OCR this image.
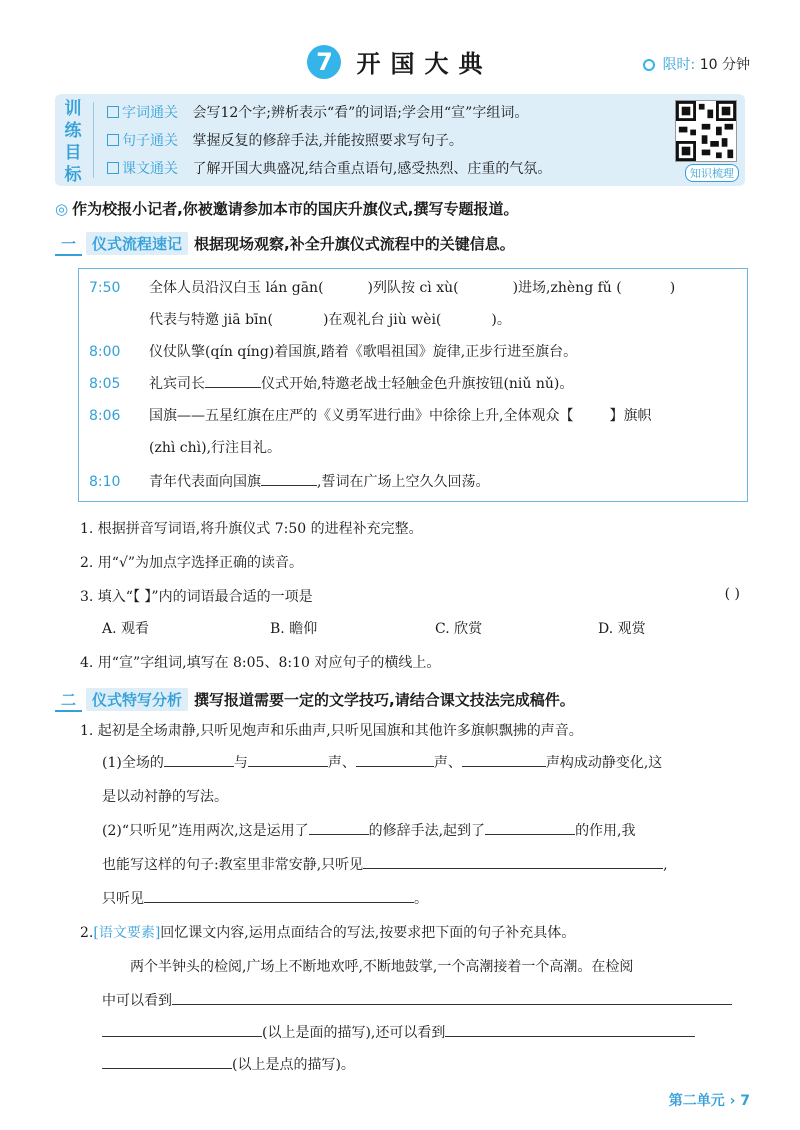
7 开国大典	限时: 10 分钟
训练目标
字词通关 会写12个字;辨析表示“看”的词语;学会用“宣”字组词。
句子通关 掌握反复的修辞手法,并能按照要求写句子。
课文通关 了解开国大典盛况,结合重点语句,感受热烈、庄重的气氛。	知识梳理
◎ 作为校报小记者,你被邀请参加本市的国庆升旗仪式,撰写专题报道。
一 仪式流程速记 根据现场观察,补全升旗仪式流程中的关键信息。
7:50 全体人员沿汉白玉 lán gān(	)列队按 cì xù(	)进场,zhèng fǔ (	)
代表与特邀 jiā bīn(	)在观礼台 jiù wèi(	)。
8:00 仪仗队擎(qín qíng)着国旗,踏着《歌唱祖国》旋律,正步行进至旗台。
8:05 礼宾司长	仪式开始,特邀老战士轻触金色升旗按钮(niǔ nǔ)。
8:06 国旗——五星红旗在庄严的《义勇军进行曲》中徐徐上升,全体观众【	】旗帜
(zhì chì),行注目礼。
8:10 青年代表面向国旗	,誓词在广场上空久久回荡。
1. 根据拼音写词语,将升旗仪式 7:50 的进程补充完整。
2. 用“√”为加点字选择正确的读音。
3. 填入“【 】”内的词语最合适的一项是	( )
A. 观看	B. 瞻仰	C. 欣赏	D. 观赏
4. 用“宣”字组词,填写在 8:05、8:10 对应句子的横线上。
二 仪式特写分析 撰写报道需要一定的文学技巧,请结合课文技法完成稿件。
1. 起初是全场肃静,只听见炮声和乐曲声,只听见国旗和其他许多旗帜飘拂的声音。
(1)全场的	与	声、	声、	声构成动静变化,这
是以动衬静的写法。
(2)“只听见”连用两次,这是运用了	的修辞手法,起到了	的作用,我
也能写这样的句子:教室里非常安静,只听见	,
只听见	。
2.[语文要素]回忆课文内容,运用点面结合的写法,按要求把下面的句子补充具体。
两个半钟头的检阅,广场上不断地欢呼,不断地鼓掌,一个高潮接着一个高潮。在检阅
中可以看到
(以上是面的描写),还可以看到
(以上是点的描写)。
第二单元 › 7
